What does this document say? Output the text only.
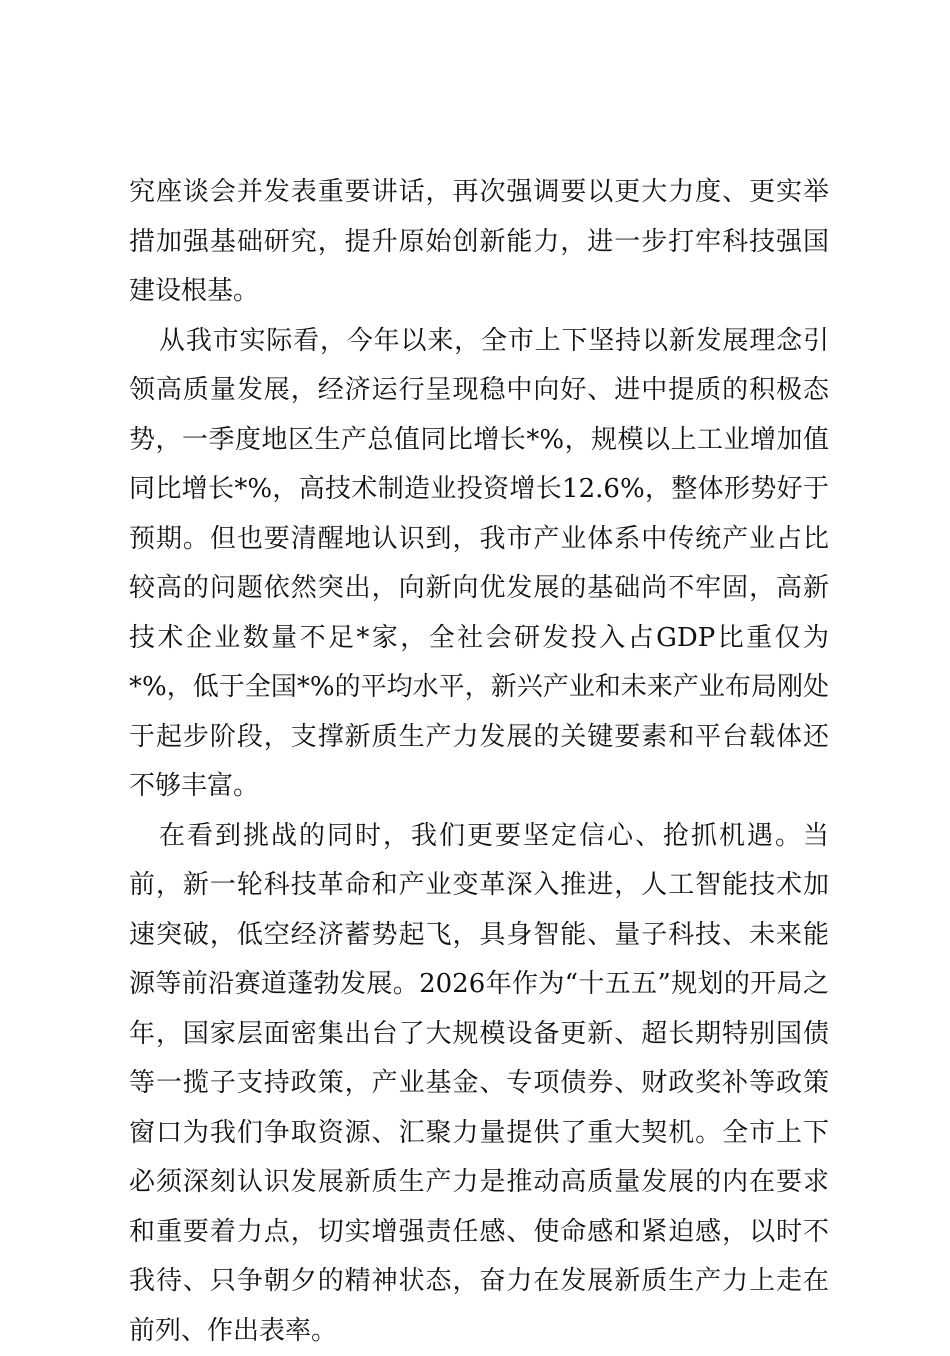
究座谈会并发表重要讲话，再次强调要以更大力度、更实举措加强基础研究，提升原始创新能力，进一步打牢科技强国建设根基。

从我市实际看，今年以来，全市上下坚持以新发展理念引领高质量发展，经济运行呈现稳中向好、进中提质的积极态势，一季度地区生产总值同比增长*%，规模以上工业增加值同比增长*%，高技术制造业投资增长12.6%，整体形势好于预期。但也要清醒地认识到，我市产业体系中传统产业占比较高的问题依然突出，向新向优发展的基础尚不牢固，高新技术企业数量不足*家，全社会研发投入占GDP比重仅为*%，低于全国*%的平均水平，新兴产业和未来产业布局刚处于起步阶段，支撑新质生产力发展的关键要素和平台载体还不够丰富。

在看到挑战的同时，我们更要坚定信心、抢抓机遇。当前，新一轮科技革命和产业变革深入推进，人工智能技术加速突破，低空经济蓄势起飞，具身智能、量子科技、未来能源等前沿赛道蓬勃发展。2026年作为“十五五”规划的开局之年，国家层面密集出台了大规模设备更新、超长期特别国债等一揽子支持政策，产业基金、专项债券、财政奖补等政策窗口为我们争取资源、汇聚力量提供了重大契机。全市上下必须深刻认识发展新质生产力是推动高质量发展的内在要求和重要着力点，切实增强责任感、使命感和紧迫感，以时不我待、只争朝夕的精神状态，奋力在发展新质生产力上走在前列、作出表率。
